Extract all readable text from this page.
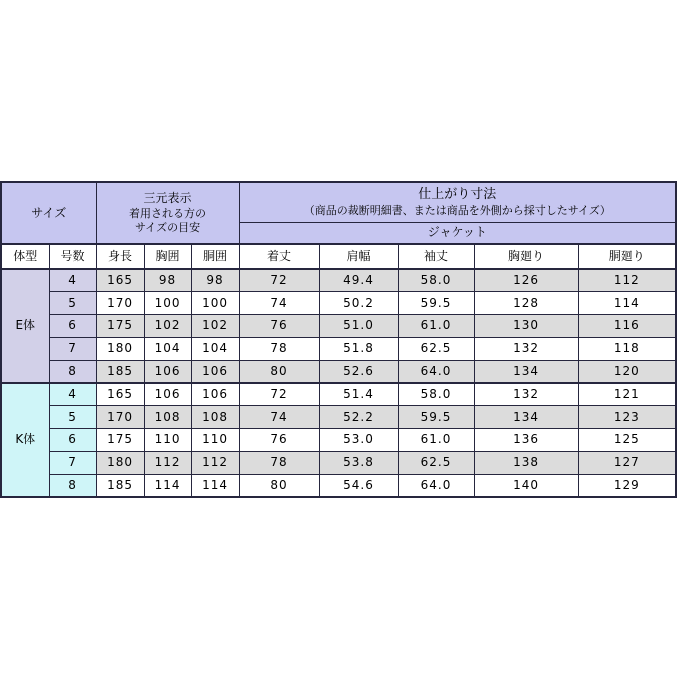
サイズ	
三元表示
着用される方の
サイズの目安

仕上がり寸法
（商品の裁断明細書、または商品を外側から採寸したサイズ）

					ジャケット				
体型	号数	身長	胸囲	胴囲	着丈	肩幅	袖丈	胸廻り	胴廻り
E体	4	165	98	98	72	49.4	58.0	126	112
	5	170	100	100	74	50.2	59.5	128	114
	6	175	102	102	76	51.0	61.0	130	116
	7	180	104	104	78	51.8	62.5	132	118
	8	185	106	106	80	52.6	64.0	134	120
K体	4	165	106	106	72	51.4	58.0	132	121
	5	170	108	108	74	52.2	59.5	134	123
	6	175	110	110	76	53.0	61.0	136	125
	7	180	112	112	78	53.8	62.5	138	127
	8	185	114	114	80	54.6	64.0	140	129
